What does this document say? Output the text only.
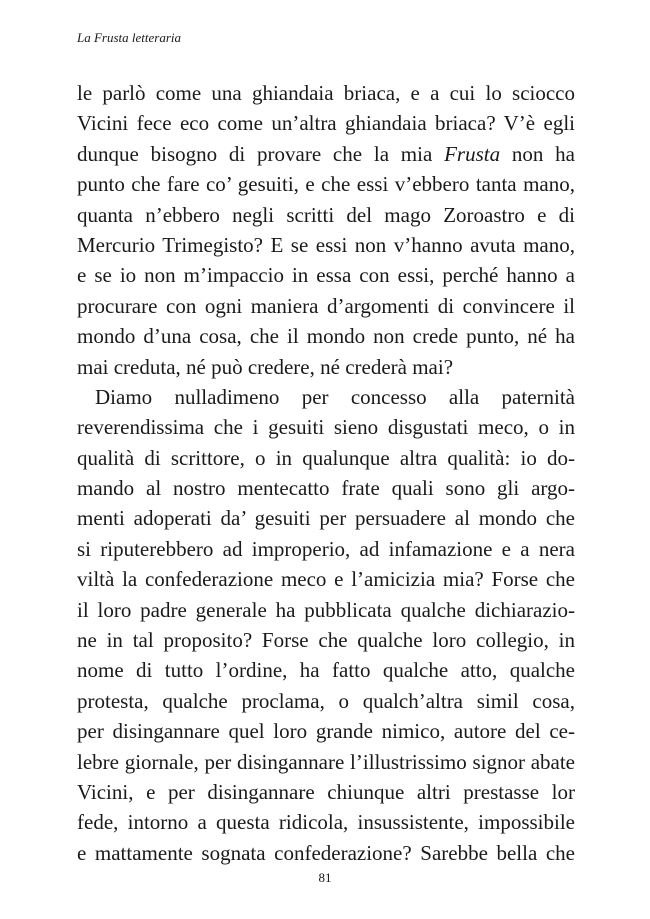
La Frusta letteraria
le parlò come una ghiandaia briaca, e a cui lo sciocco
Vicini fece eco come un’altra ghiandaia briaca? V’è egli
dunque bisogno di provare che la mia Frusta non ha
punto che fare co’ gesuiti, e che essi v’ebbero tanta mano,
quanta n’ebbero negli scritti del mago Zoroastro e di
Mercurio Trimegisto? E se essi non v’hanno avuta mano,
e se io non m’impaccio in essa con essi, perché hanno a
procurare con ogni maniera d’argomenti di convincere il
mondo d’una cosa, che il mondo non crede punto, né ha
mai creduta, né può credere, né crederà mai?
Diamo nulladimeno per concesso alla paternità
reverendissima che i gesuiti sieno disgustati meco, o in
qualità di scrittore, o in qualunque altra qualità: io do-
mando al nostro mentecatto frate quali sono gli argo-
menti adoperati da’ gesuiti per persuadere al mondo che
si riputerebbero ad improperio, ad infamazione e a nera
viltà la confederazione meco e l’amicizia mia? Forse che
il loro padre generale ha pubblicata qualche dichiarazio-
ne in tal proposito? Forse che qualche loro collegio, in
nome di tutto l’ordine, ha fatto qualche atto, qualche
protesta, qualche proclama, o qualch’altra simil cosa,
per disingannare quel loro grande nimico, autore del ce-
lebre giornale, per disingannare l’illustrissimo signor abate
Vicini, e per disingannare chiunque altri prestasse lor
fede, intorno a questa ridicola, insussistente, impossibile
e mattamente sognata confederazione? Sarebbe bella che
81
